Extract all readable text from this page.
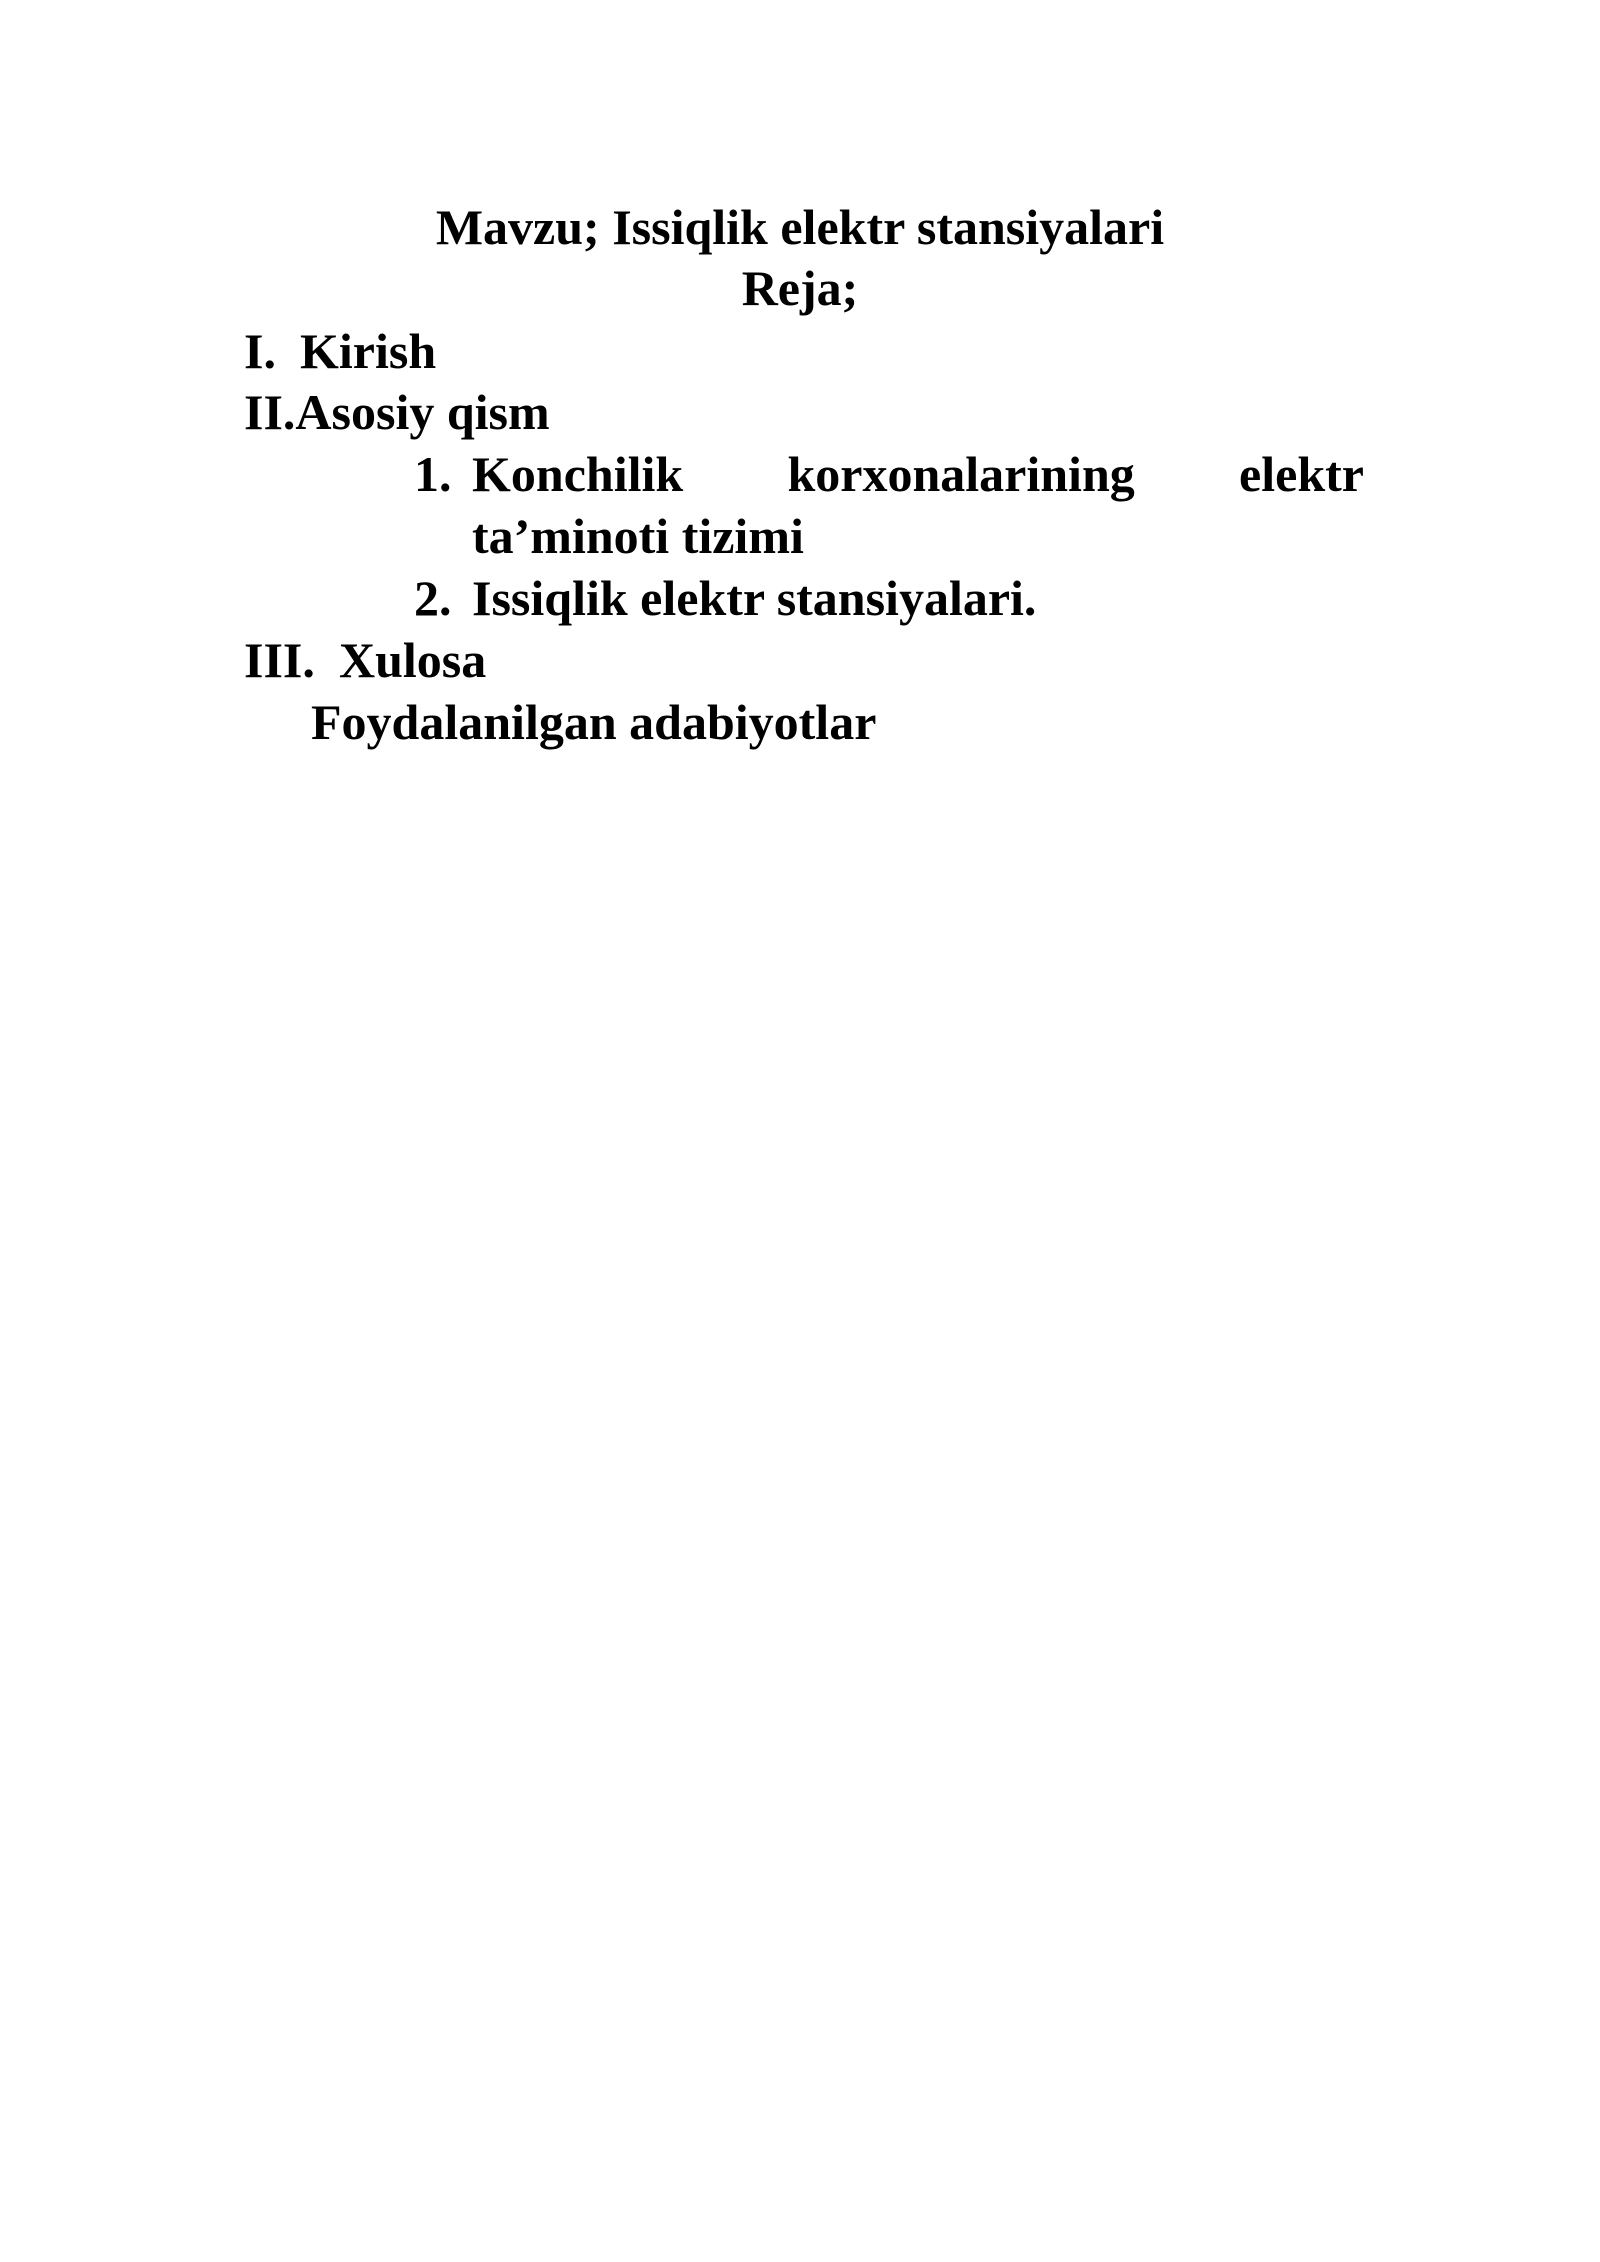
Mavzu; Issiqlik elektr stansiyalari
Reja;
I. Kirish
II.Asosiy qism
1. Konchilik korxonalarining elektr
ta’minoti tizimi
2. Issiqlik elektr stansiyalari.
III. Xulosa
Foydalanilgan adabiyotlar
